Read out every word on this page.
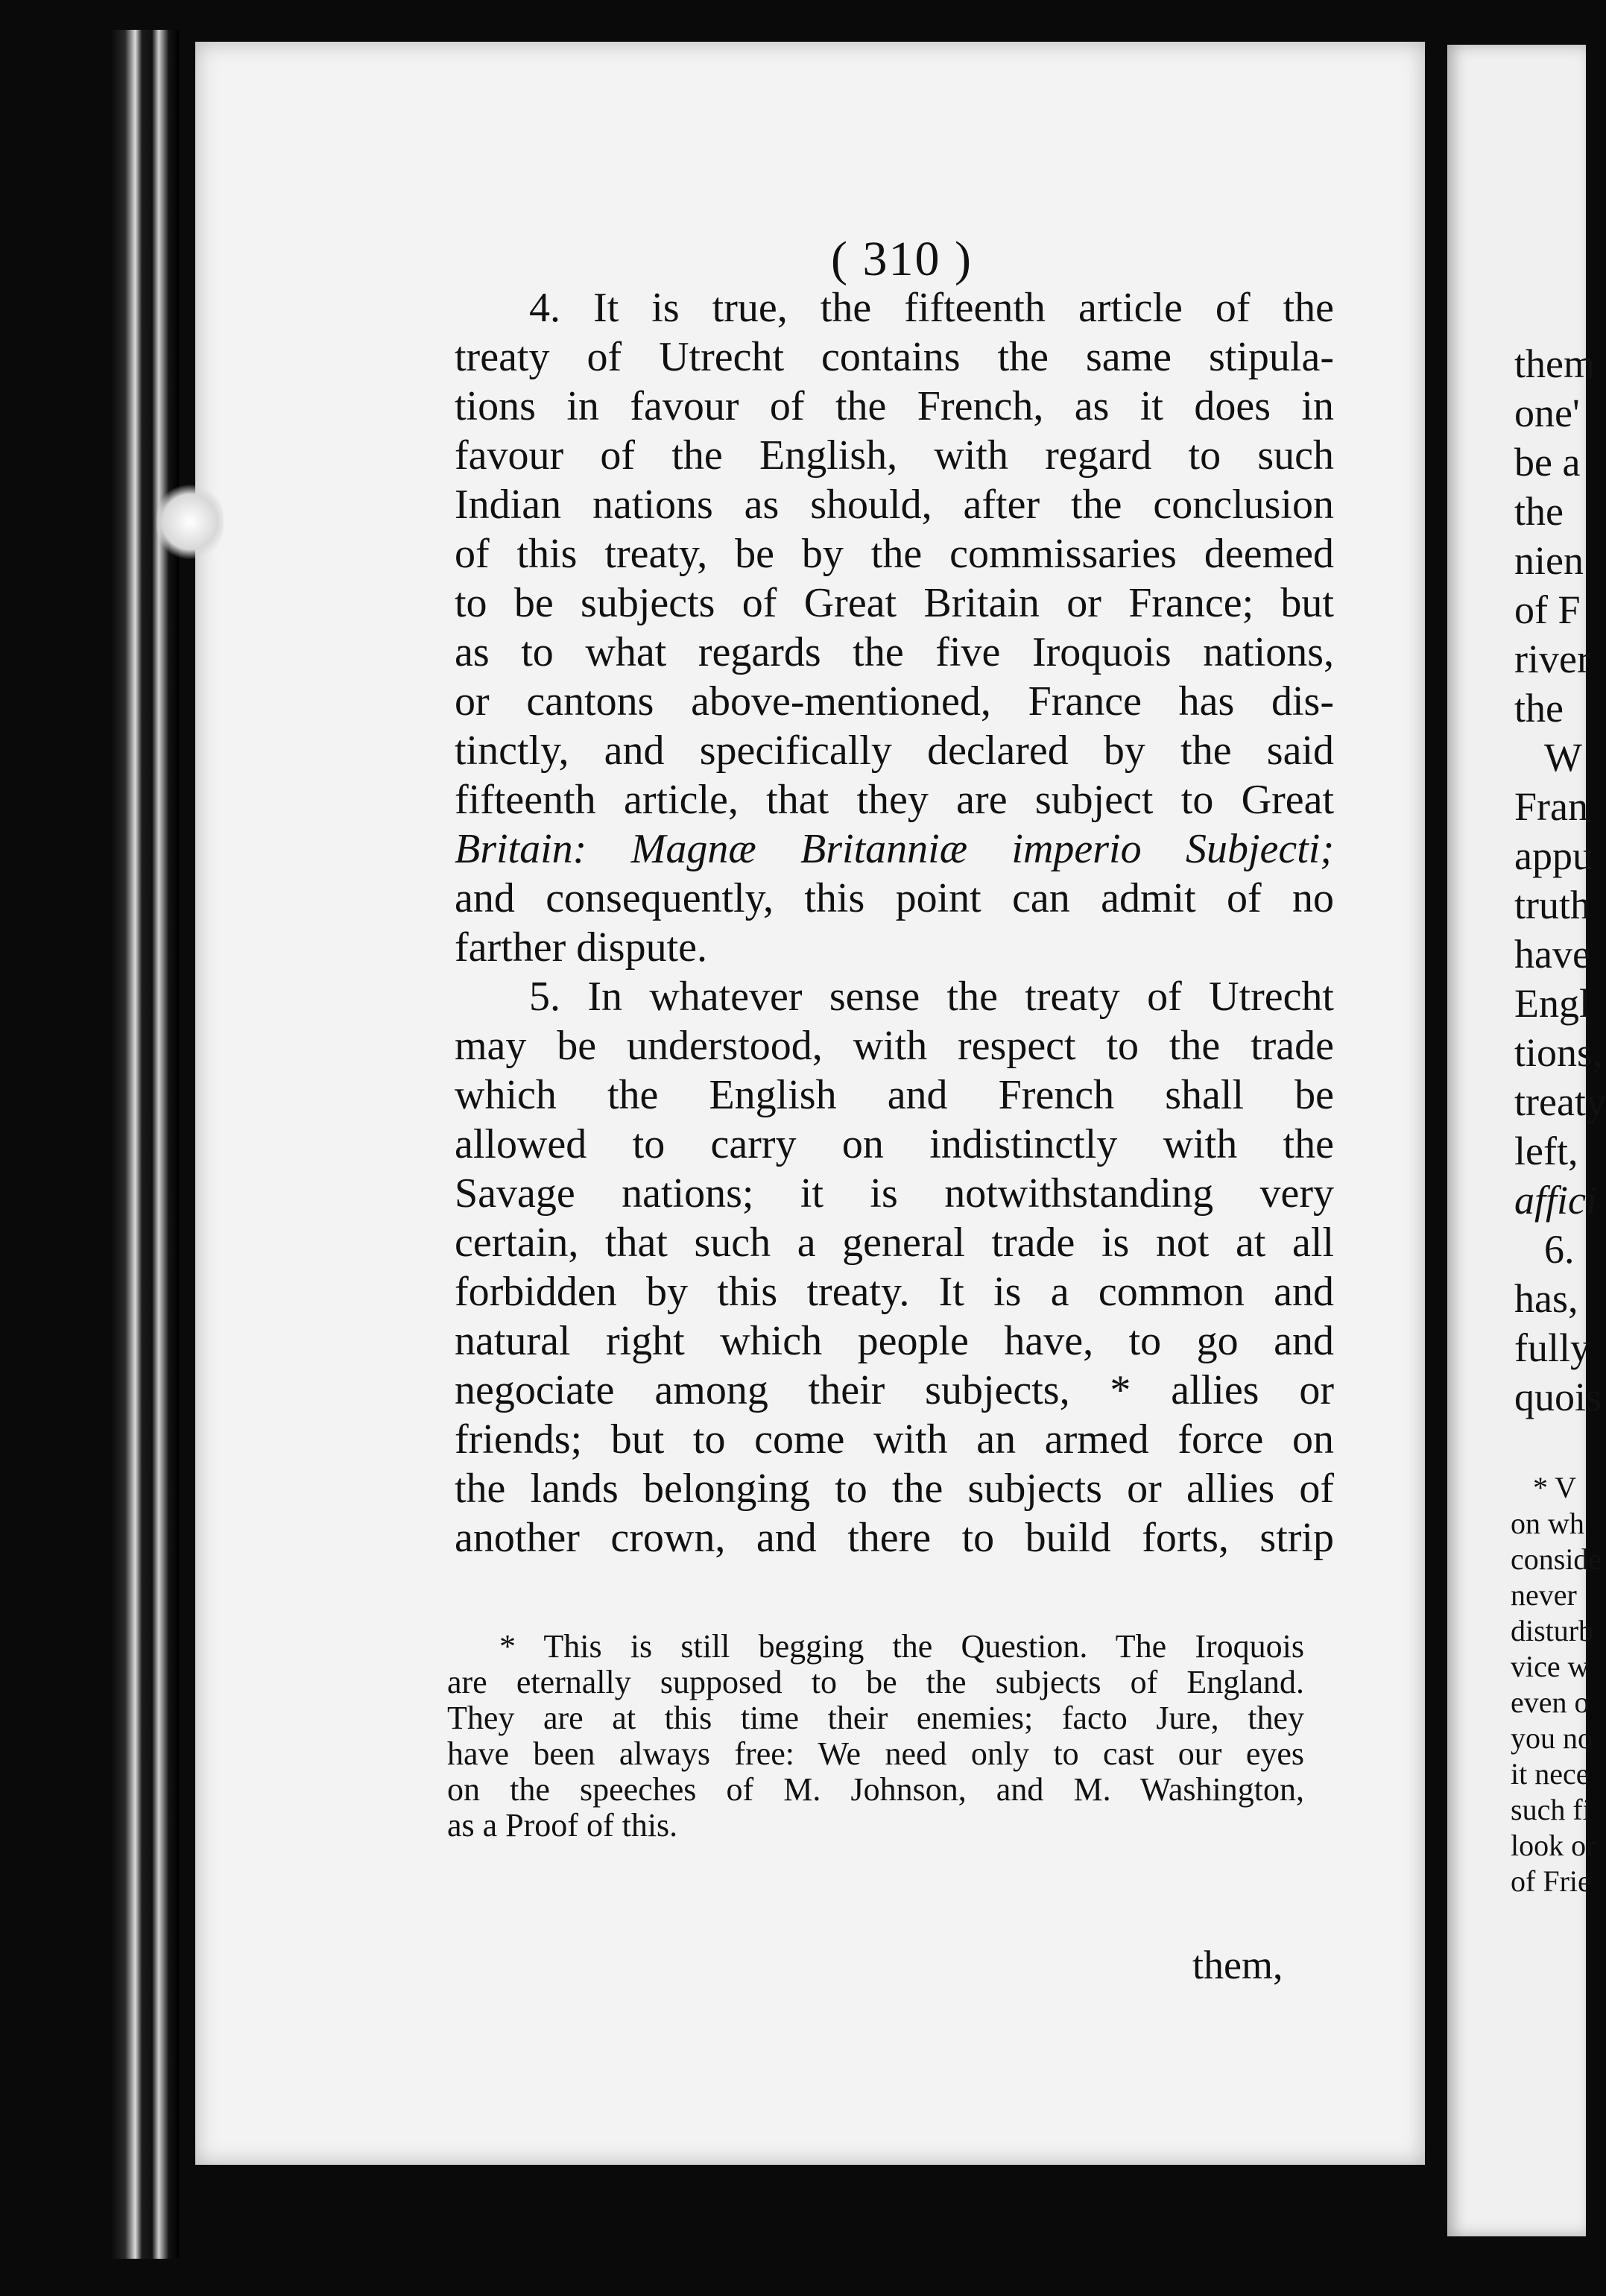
them
one'
be a
the
nien
of F
river
the
W
Fran
appu
truth
have
Engl
tions,
treaty
left,
affici
6.
has,
fully
quois
* V
on wh
conside
never
disturb
vice w
even o
you no
it nece
such fi
look or
of Frie
( 310 )
4. It is true, the fifteenth article of the
treaty of Utrecht contains the same stipula-
tions in favour of the French, as it does in
favour of the English, with regard to such
Indian nations as should, after the conclusion
of this treaty, be by the commissaries deemed
to be subjects of Great Britain or France; but
as to what regards the five Iroquois nations,
or cantons above-mentioned, France has dis-
tinctly, and specifically declared by the said
fifteenth article, that they are subject to Great
Britain: Magnæ Britanniæ imperio Subjecti;
and consequently, this point can admit of no
farther dispute.
5. In whatever sense the treaty of Utrecht
may be understood, with respect to the trade
which the English and French shall be
allowed to carry on indistinctly with the
Savage nations; it is notwithstanding very
certain, that such a general trade is not at all
forbidden by this treaty. It is a common and
natural right which people have, to go and
negociate among their subjects, * allies or
friends; but to come with an armed force on
the lands belonging to the subjects or allies of
another crown, and there to build forts, strip
* This is still begging the Question. The Iroquois
are eternally supposed to be the subjects of England.
They are at this time their enemies; facto Jure, they
have been always free: We need only to cast our eyes
on the speeches of M. Johnson, and M. Washington,
as a Proof of this.
them,
